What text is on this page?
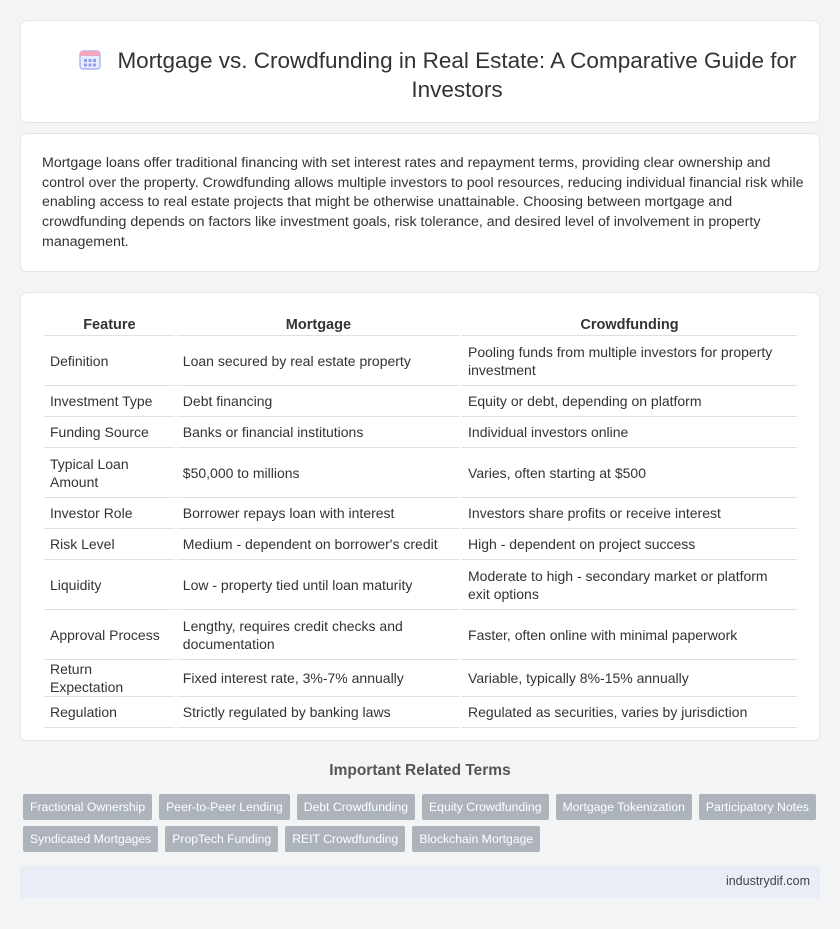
Mortgage vs. Crowdfunding in Real Estate: A Comparative Guide for Investors

Mortgage loans offer traditional financing with set interest rates and repayment terms, providing clear ownership and control over the property. Crowdfunding allows multiple investors to pool resources, reducing individual financial risk while enabling access to real estate projects that might be otherwise unattainable. Choosing between mortgage and crowdfunding depends on factors like investment goals, risk tolerance, and desired level of involvement in property management.

Feature	Mortgage	Crowdfunding
Definition	Loan secured by real estate property	Pooling funds from multiple investors for property investment
Investment Type	Debt financing	Equity or debt, depending on platform
Funding Source	Banks or financial institutions	Individual investors online
Typical Loan Amount	$50,000 to millions	Varies, often starting at $500
Investor Role	Borrower repays loan with interest	Investors share profits or receive interest
Risk Level	Medium - dependent on borrower's credit	High - dependent on project success
Liquidity	Low - property tied until loan maturity	Moderate to high - secondary market or platform exit options
Approval Process	Lengthy, requires credit checks and documentation	Faster, often online with minimal paperwork
Return Expectation	Fixed interest rate, 3%-7% annually	Variable, typically 8%-15% annually
Regulation	Strictly regulated by banking laws	Regulated as securities, varies by jurisdiction
Important Related Terms
Fractional Ownership	Peer-to-Peer Lending	Debt Crowdfunding	Equity Crowdfunding	Mortgage Tokenization	Participatory Notes
Syndicated Mortgages	PropTech Funding	REIT Crowdfunding	Blockchain Mortgage
industrydif.com
